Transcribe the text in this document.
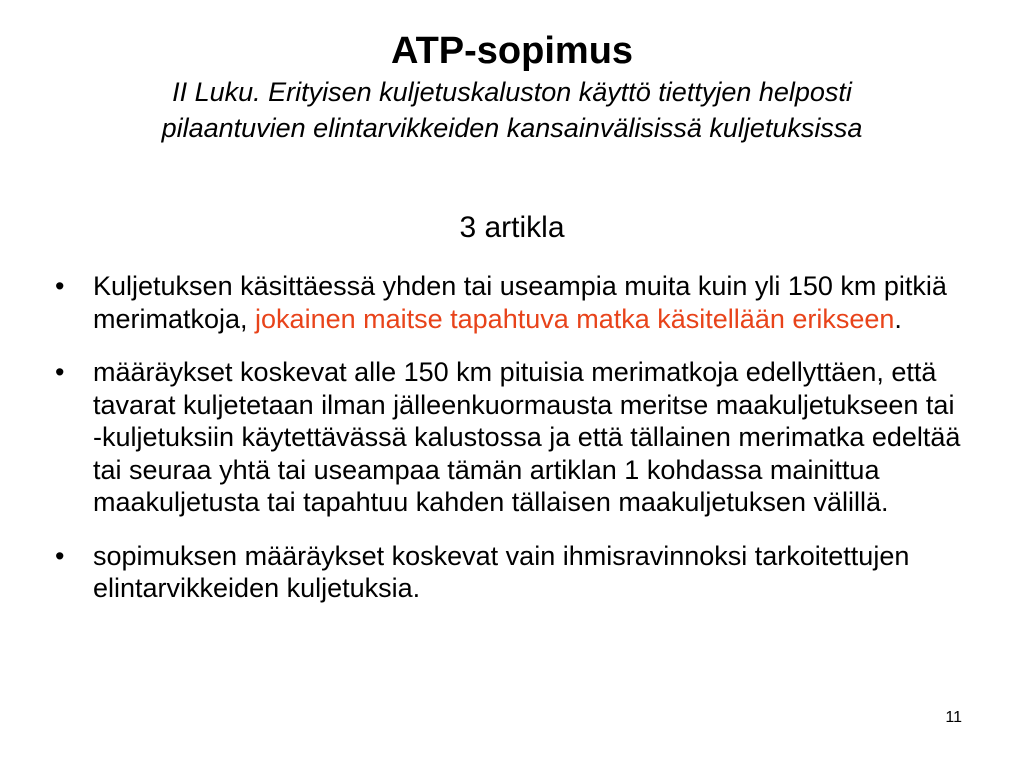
ATP-sopimus
II Luku. Erityisen kuljetuskaluston käyttö tiettyjen helposti
pilaantuvien elintarvikkeiden kansainvälisissä kuljetuksissa
3 artikla
•	Kuljetuksen käsittäessä yhden tai useampia muita kuin yli 150 km pitkiä merimatkoja, jokainen maitse tapahtuva matka käsitellään erikseen.
•	määräykset koskevat alle 150 km pituisia merimatkoja edellyttäen, että tavarat kuljetetaan ilman jälleenkuormausta meritse maakuljetukseen tai -kuljetuksiin käytettävässä kalustossa ja että tällainen merimatka edeltää tai seuraa yhtä tai useampaa tämän artiklan 1 kohdassa mainittua maakuljetusta tai tapahtuu kahden tällaisen maakuljetuksen välillä.
•	sopimuksen määräykset koskevat vain ihmisravinnoksi tarkoitettujen elintarvikkeiden kuljetuksia.
11
